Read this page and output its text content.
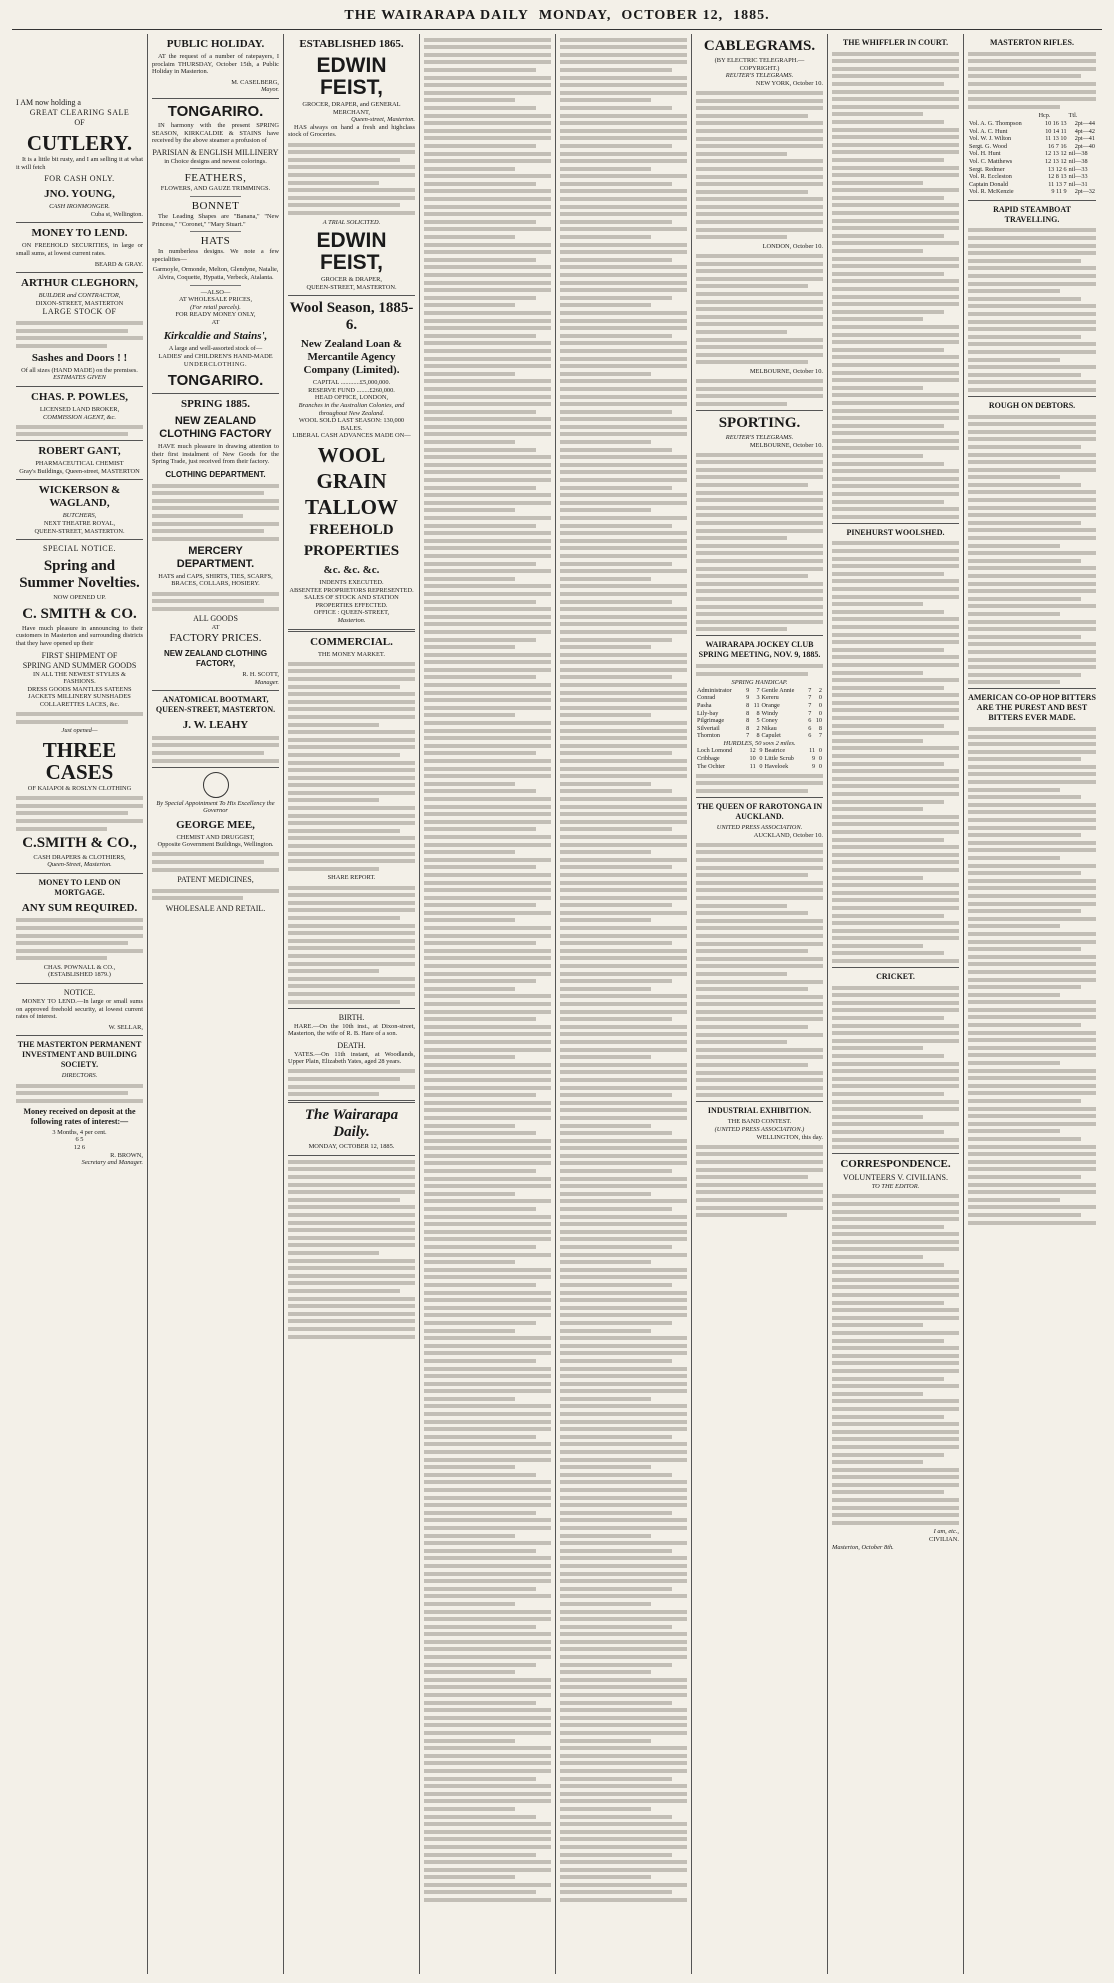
THE WAIRARAPA DAILY MONDAY, OCTOBER 12, 1885.
I AM now holding a
GREAT CLEARING SALE
OF
CUTLERY.
It is a little bit rusty, and I am selling it at what it will fetch
FOR CASH ONLY.
JNO. YOUNG,
CASH IRONMONGER.
Cuba st, Wellington.
MONEY TO LEND.
ON FREEHOLD SECURITIES, in large or small sums, at lowest current rates.
BEARD & GRAY.
ARTHUR CLEGHORN,
BUILDER and CONTRACTOR,
DIXON-STREET, MASTERTON
LARGE STOCK OF
Sashes and Doors ! !
Of all sizes (HAND MADE) on the premises.
ESTIMATES GIVEN
CHAS. P. POWLES,
LICENSED LAND BROKER,
COMMISSION AGENT, &c.
ROBERT GANT,
PHARMACEUTICAL CHEMIST
Gray's Buildings, Queen-street, MASTERTON
WICKERSON & WAGLAND,
BUTCHERS,
NEXT THEATRE ROYAL,
QUEEN-STREET, MASTERTON.
SPECIAL NOTICE.
Spring and Summer Novelties.
NOW OPENED UP.
C. SMITH & CO.
Have much pleasure in announcing to their customers in Masterton and surrounding districts that they have opened up their
FIRST SHIPMENT OF
SPRING AND SUMMER GOODS
IN ALL THE NEWEST STYLES & FASHIONS.
DRESS GOODS MANTLES SATEENS JACKETS MILLINERY SUNSHADES COLLARETTES LACES, &c.
Just opened—
THREE CASES
OF KAIAPOI & ROSLYN CLOTHING
C.SMITH & CO.,
CASH DRAPERS & CLOTHIERS,
Queen-Street, Masterton.
MONEY TO LEND ON MORTGAGE.
ANY SUM REQUIRED.
CHAS. POWNALL & CO.,
(ESTABLISHED 1879.)
NOTICE.
MONEY TO LEND.—In large or small sums on approved freehold security, at lowest current rates of interest.
W. SELLAR,
THE MASTERTON PERMANENT INVESTMENT AND BUILDING SOCIETY.
DIRECTORS.
Money received on deposit at the following rates of interest:—
3 Months, 4 per cent.
6 5
12 6
R. BROWN,
Secretary and Manager.
PUBLIC HOLIDAY.
AT the request of a number of ratepayers, I proclaim THURSDAY, October 15th, a Public Holiday in Masterton.
M. CASELBERG,
Mayor.
TONGARIRO.
IN harmony with the present SPRING SEASON, KIRKCALDIE & STAINS have received by the above steamer a profusion of
PARISIAN & ENGLISH MILLINERY
in Choice designs and newest colorings.
FEATHERS,
FLOWERS, AND GAUZE TRIMMINGS.
BONNET
The Leading Shapes are "Banana," "New Princess," "Coronet," "Mary Stuart."
HATS
In numberless designs. We note a few specialities—
Garmoyle, Ormonde, Melton, Glendyne, Natalie, Alvira, Coquette, Hypatia, Verbeck, Atalanta.
—ALSO—
AT WHOLESALE PRICES,
(For retail parcels).
FOR READY MONEY ONLY,
AT
Kirkcaldie and Stains',
A large and well-assorted stock of—
LADIES' and CHILDREN'S HAND-MADE
UNDERCLOTHING.
TONGARIRO.
SPRING 1885.
NEW ZEALAND CLOTHING FACTORY
HAVE much pleasure in drawing attention to their first instalment of New Goods for the Spring Trade, just received from their factory.
CLOTHING DEPARTMENT.
MERCERY DEPARTMENT.
HATS and CAPS, SHIRTS, TIES, SCARFS, BRACES, COLLARS, HOSIERY.
ALL GOODS
AT
FACTORY PRICES.
NEW ZEALAND CLOTHING FACTORY,
R. H. SCOTT,
Manager.
ANATOMICAL BOOTMART, QUEEN-STREET, MASTERTON.
J. W. LEAHY
By Special Appointment To His Excellency the Governor
GEORGE MEE,
CHEMIST AND DRUGGIST,
Opposite Government Buildings, Wellington.
PATENT MEDICINES,
WHOLESALE AND RETAIL.
ESTABLISHED 1865.
EDWIN FEIST,
GROCER, DRAPER, and GENERAL MERCHANT,
Queen-street, Masterton.
HAS always on hand a fresh and highclass stock of Groceries.
A TRIAL SOLICITED.
EDWIN FEIST,
GROCER & DRAPER,
QUEEN-STREET, MASTERTON.
Wool Season, 1885-6.
New Zealand Loan & Mercantile Agency Company (Limited).
CAPITAL ............£5,000,000.
RESERVE FUND ........£260,000.
HEAD OFFICE, LONDON,
Branches in the Australian Colonies, and throughout New Zealand.
WOOL SOLD LAST SEASON: 130,000 BALES.
LIBERAL CASH ADVANCES MADE ON—
WOOL
GRAIN
TALLOW
FREEHOLD
PROPERTIES
&c. &c. &c.
INDENTS EXECUTED.
ABSENTEE PROPRIETORS REPRESENTED.
SALES OF STOCK AND STATION PROPERTIES EFFECTED.
OFFICE : QUEEN-STREET,
Masterton.
COMMERCIAL.
THE MONEY MARKET.
SHARE REPORT.
BIRTH.
HARE.—On the 10th inst., at Dixon-street, Masterton, the wife of R. B. Hare of a son.
DEATH.
YATES.—On 11th instant, at Woodlands, Upper Plain, Elizabeth Yates, aged 28 years.
The Wairarapa Daily.
MONDAY, OCTOBER 12, 1885.
CABLEGRAMS.
(BY ELECTRIC TELEGRAPH.—COPYRIGHT.)
REUTER'S TELEGRAMS.
NEW YORK, October 10.
LONDON, October 10.
MELBOURNE, October 10.
SPORTING.
REUTER'S TELEGRAMS.
MELBOURNE, October 10.
WAIRARAPA JOCKEY CLUB SPRING MEETING, NOV. 9, 1885.
SPRING HANDICAP.
Administrator	9	7	Gentle Annie	7	2
Conrad	9	3	Kereru	7	0
Pasha	8	11	Orange	7	0
Lily-bay	8	8	Windy	7	0
Pilgrimage	8	5	Coney	6	10
Silvertail	8	2	Nikau	6	8
Thornton	7	8	Capulet	6	7
HURDLES, 50 sovs 2 miles.
Loch Lomond	12	9	Beatrice	11	0
Cribbage	10	0	Little Scrub	9	0
The Ochter	11	0	Haveloek	9	0
THE QUEEN OF RAROTONGA IN AUCKLAND.
UNITED PRESS ASSOCIATION.
AUCKLAND, October 10.
INDUSTRIAL EXHIBITION.
THE BAND CONTEST.
(UNITED PRESS ASSOCIATION.)
WELLINGTON, this day.
THE WHIFFLER IN COURT.
PINEHURST WOOLSHED.
CRICKET.
CORRESPONDENCE.
VOLUNTEERS V. CIVILIANS.
TO THE EDITOR.
I am, etc.,
CIVILIAN.
Masterton, October 8th.
MASTERTON RIFLES.
	Hcp.	Ttl.
Vol. A. G. Thompson	10 16 13	2pt—44
Vol. A. C. Hunt	10 14 11	4pt—42
Vol. W. J. Wilton	11 13 10	2pt—41
Sergt. G. Wood	16 7 16	2pt—40
Vol. H. Hunt	12 13 12	nil—38
Vol. C. Matthews	12 13 12	nil—38
Sergt. Redmer	13 12 6	nil—33
Vol. R. Eccleston	12 8 13	nil—33
Captain Donald	11 13 7	nil—31
Vol. R. McKenzie	9 11 9	2pt—32
RAPID STEAMBOAT TRAVELLING.
ROUGH ON DEBTORS.
AMERICAN CO-OP HOP BITTERS ARE THE PUREST AND BEST BITTERS EVER MADE.
